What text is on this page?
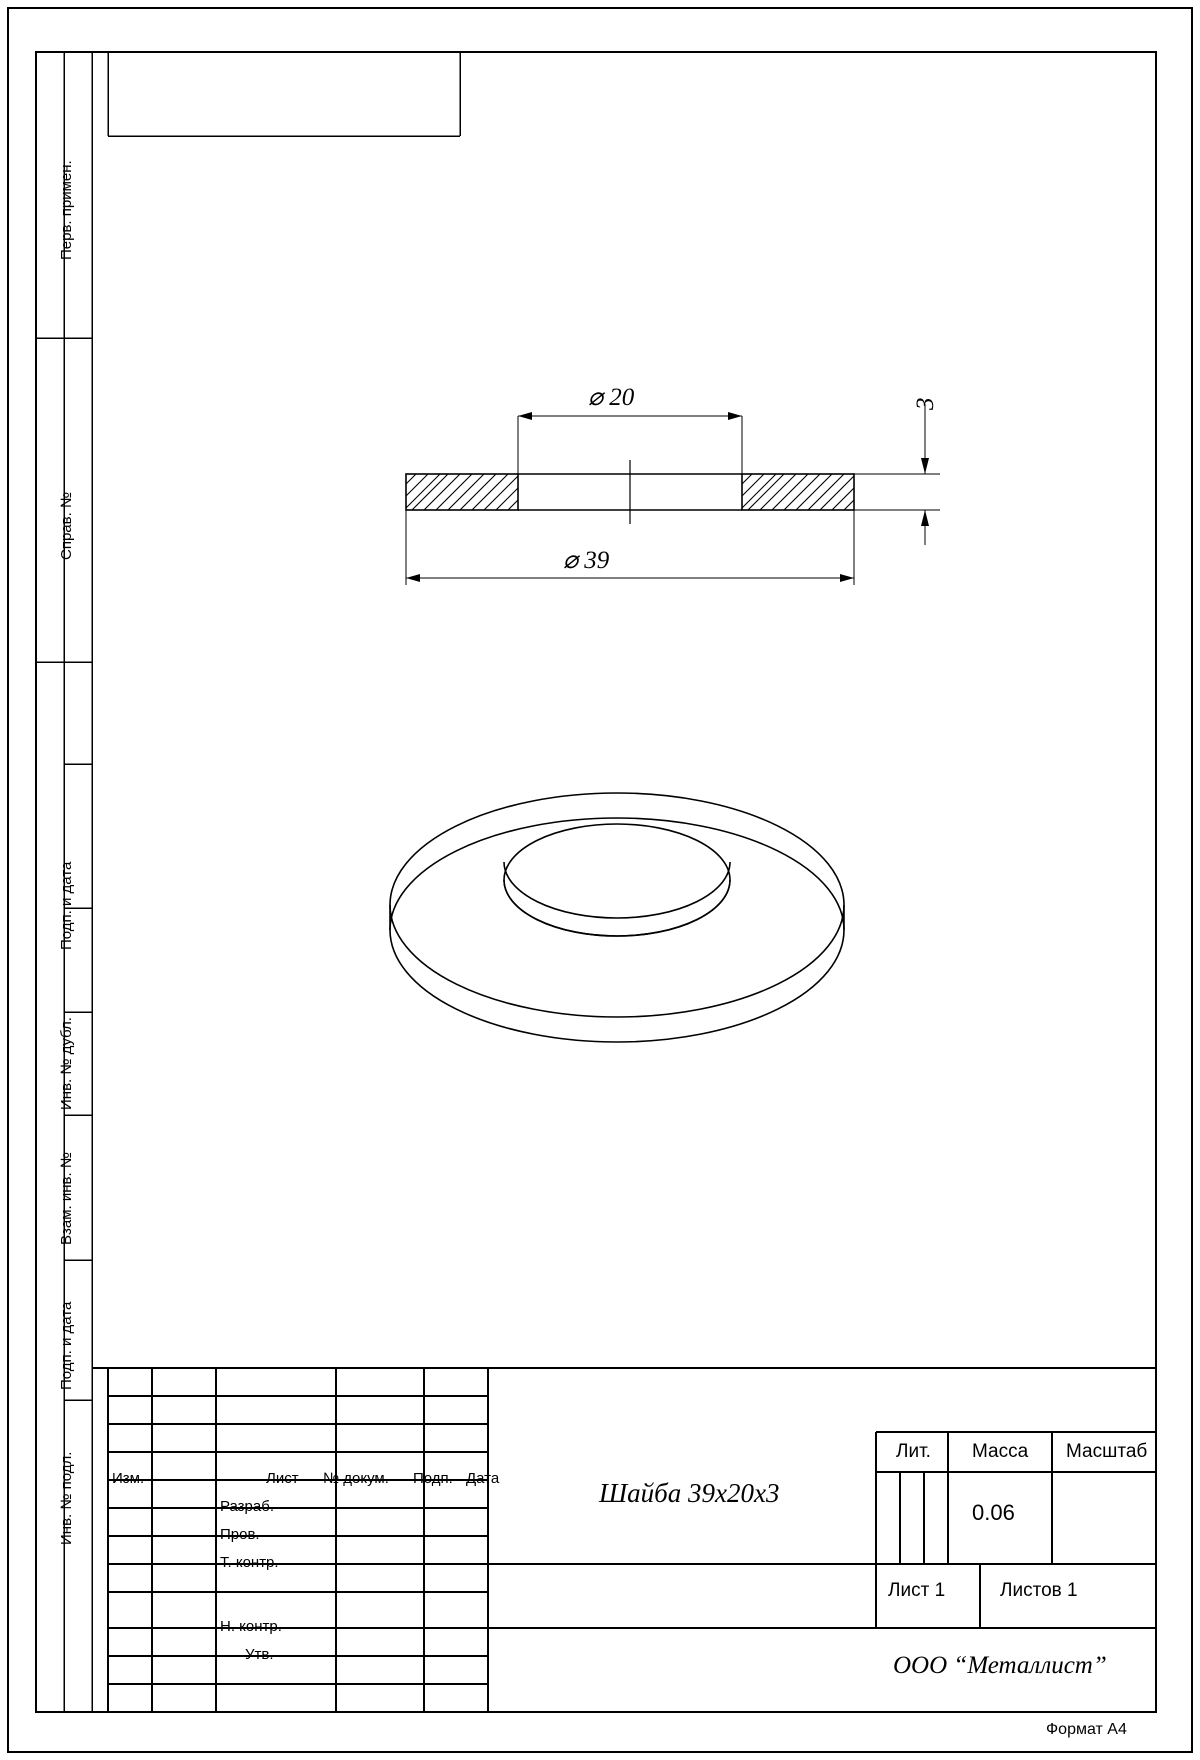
Перв. примен.
Справ. №
Подп. и дата
Инв. № дубл.
Взам. инв. №
Подп. и дата
Инв. № подл.
⌀ 20
⌀ 39
3
Изм.	Лист № докум. Подп. Дата
Разраб.
Пров.
Т. контр.
Н. контр.
Утв.
Шайба 39x20x3
ООО “Металлист”
Лит. Масса Масштаб
0.06
Лист 1	Листов 1
Формат А4
